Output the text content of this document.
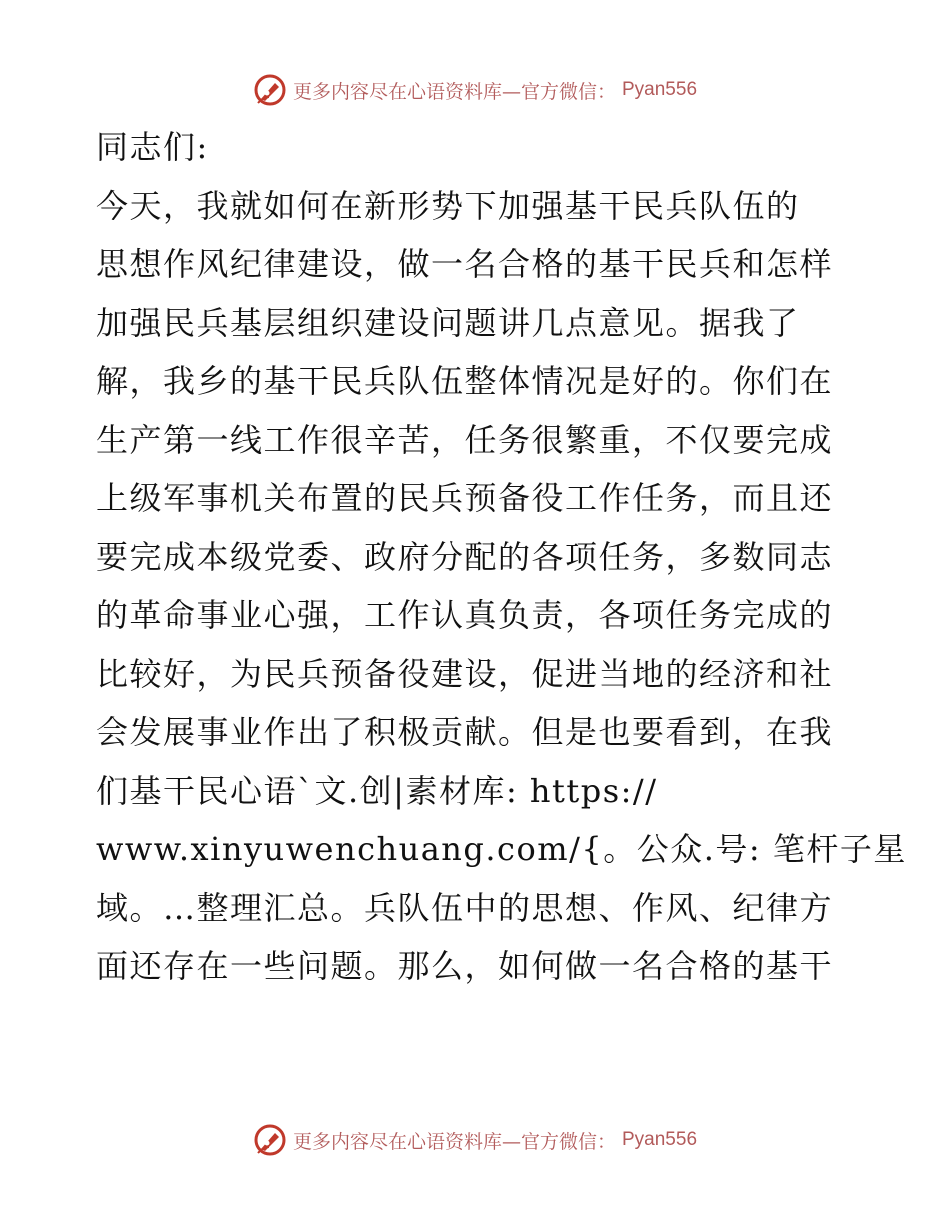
更多内容尽在心语资料库—官方微信： Pyan556
同志们:
今天，我就如何在新形势下加强基干民兵队伍的
思想作风纪律建设，做一名合格的基干民兵和怎样
加强民兵基层组织建设问题讲几点意见。据我了
解，我乡的基干民兵队伍整体情况是好的。你们在
生产第一线工作很辛苦，任务很繁重，不仅要完成
上级军事机关布置的民兵预备役工作任务，而且还
要完成本级党委、政府分配的各项任务，多数同志
的革命事业心强，工作认真负责，各项任务完成的
比较好，为民兵预备役建设，促进当地的经济和社
会发展事业作出了积极贡献。但是也要看到，在我
们基干民心语`文.创|素材库: https://
www.xinyuwenchuang.com/{。公众.号: 笔杆子星
域。…整理汇总。兵队伍中的思想、作风、纪律方
面还存在一些问题。那么，如何做一名合格的基干
更多内容尽在心语资料库—官方微信： Pyan556
